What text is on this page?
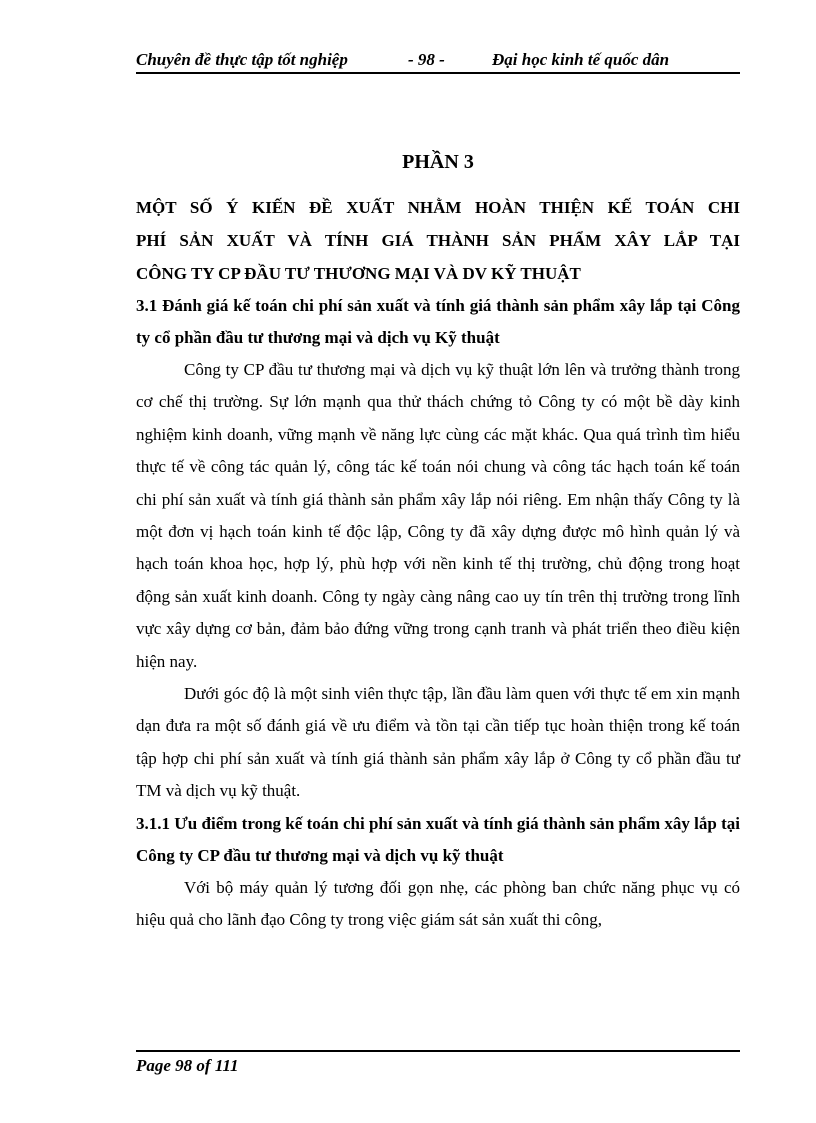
Chuyên đề thực tập tốt nghiệp	- 98 -	Đại học kinh tế quốc dân
PHẦN 3

MỘT SỐ Ý KIẾN ĐỀ XUẤT NHẰM HOÀN THIỆN KẾ TOÁN CHI

PHÍ SẢN XUẤT VÀ TÍNH GIÁ THÀNH SẢN PHẨM XÂY LẮP TẠI

CÔNG TY CP ĐẦU TƯ THƯƠNG MẠI VÀ DV KỸ THUẬT

3.1 Đánh giá kế toán chi phí sản xuất và tính giá thành sản phẩm xây lắp tại Công ty cổ phần đầu tư thương mại và dịch vụ Kỹ thuật

Công ty CP đầu tư thương mại và dịch vụ kỹ thuật lớn lên và trưởng thành trong cơ chế thị trường. Sự lớn mạnh qua thử thách chứng tỏ Công ty có một bề dày kinh nghiệm kinh doanh, vững mạnh về năng lực cùng các mặt khác. Qua quá trình tìm hiểu thực tế về công tác quản lý, công tác kế toán nói chung và công tác hạch toán kế toán chi phí sản xuất và tính giá thành sản phẩm xây lắp nói riêng. Em nhận thấy Công ty là một đơn vị hạch toán kinh tế độc lập, Công ty đã xây dựng được mô hình quản lý và hạch toán khoa học, hợp lý, phù hợp với nền kinh tế thị trường, chủ động trong hoạt động sản xuất kinh doanh. Công ty ngày càng nâng cao uy tín trên thị trường trong lĩnh vực xây dựng cơ bản, đảm bảo đứng vững trong cạnh tranh và phát triển theo điều kiện hiện nay.

Dưới góc độ là một sinh viên thực tập, lần đầu làm quen với thực tế em xin mạnh dạn đưa ra một số đánh giá về ưu điểm và tồn tại cần tiếp tục hoàn thiện trong kế toán tập hợp chi phí sản xuất và tính giá thành sản phẩm xây lắp ở Công ty cổ phần đầu tư TM và dịch vụ kỹ thuật.

3.1.1 Ưu điểm trong kế toán chi phí sản xuất và tính giá thành sản phẩm xây lắp tại Công ty CP đầu tư thương mại và dịch vụ kỹ thuật

Với bộ máy quản lý tương đối gọn nhẹ, các phòng ban chức năng phục vụ có hiệu quả cho lãnh đạo Công ty trong việc giám sát sản xuất thi công,

Page 98 of 111
